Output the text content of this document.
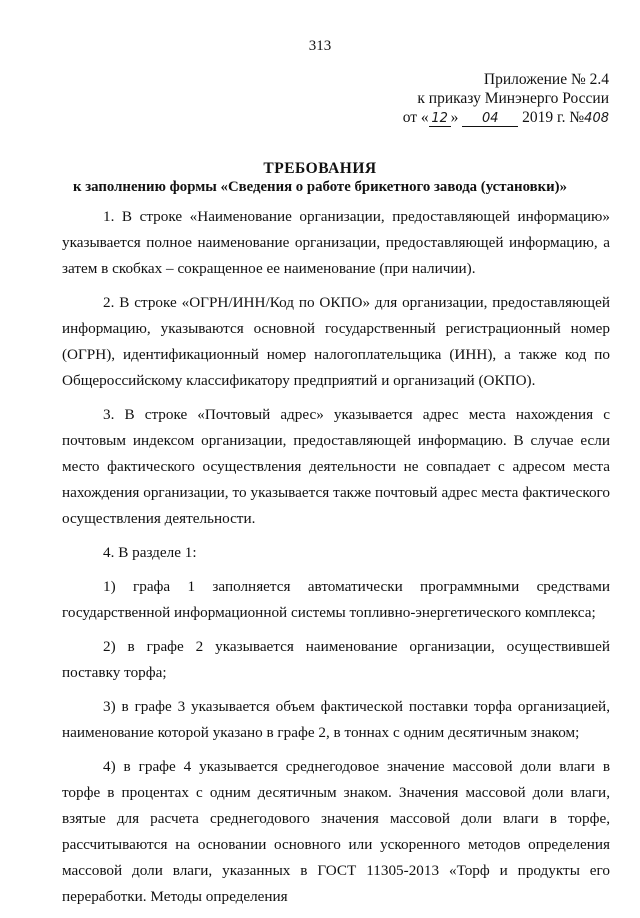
313
Приложение № 2.4
к приказу Минэнерго России
от « 12 » 04 2019 г. №408
ТРЕБОВАНИЯ
к заполнению формы «Сведения о работе брикетного завода (установки)»

1. В строке «Наименование организации, предоставляющей информацию» указывается полное наименование организации, предоставляющей информацию, а затем в скобках – сокращенное ее наименование (при наличии).

2. В строке «ОГРН/ИНН/Код по ОКПО» для организации, предоставляющей информацию, указываются основной государственный регистрационный номер (ОГРН), идентификационный номер налогоплательщика (ИНН), а также код по Общероссийскому классификатору предприятий и организаций (ОКПО).

3. В строке «Почтовый адрес» указывается адрес места нахождения с почтовым индексом организации, предоставляющей информацию. В случае если место фактического осуществления деятельности не совпадает с адресом места нахождения организации, то указывается также почтовый адрес места фактического осуществления деятельности.

4. В разделе 1:

1) графа 1 заполняется автоматически программными средствами государственной информационной системы топливно-энергетического комплекса;

2) в графе 2 указывается наименование организации, осуществившей поставку торфа;

3) в графе 3 указывается объем фактической поставки торфа организацией, наименование которой указано в графе 2, в тоннах с одним десятичным знаком;

4) в графе 4 указывается среднегодовое значение массовой доли влаги в торфе в процентах с одним десятичным знаком. Значения массовой доли влаги, взятые для расчета среднегодового значения массовой доли влаги в торфе, рассчитываются на основании основного или ускоренного методов определения массовой доли влаги, указанных в ГОСТ 11305-2013 «Торф и продукты его переработки. Методы определения
